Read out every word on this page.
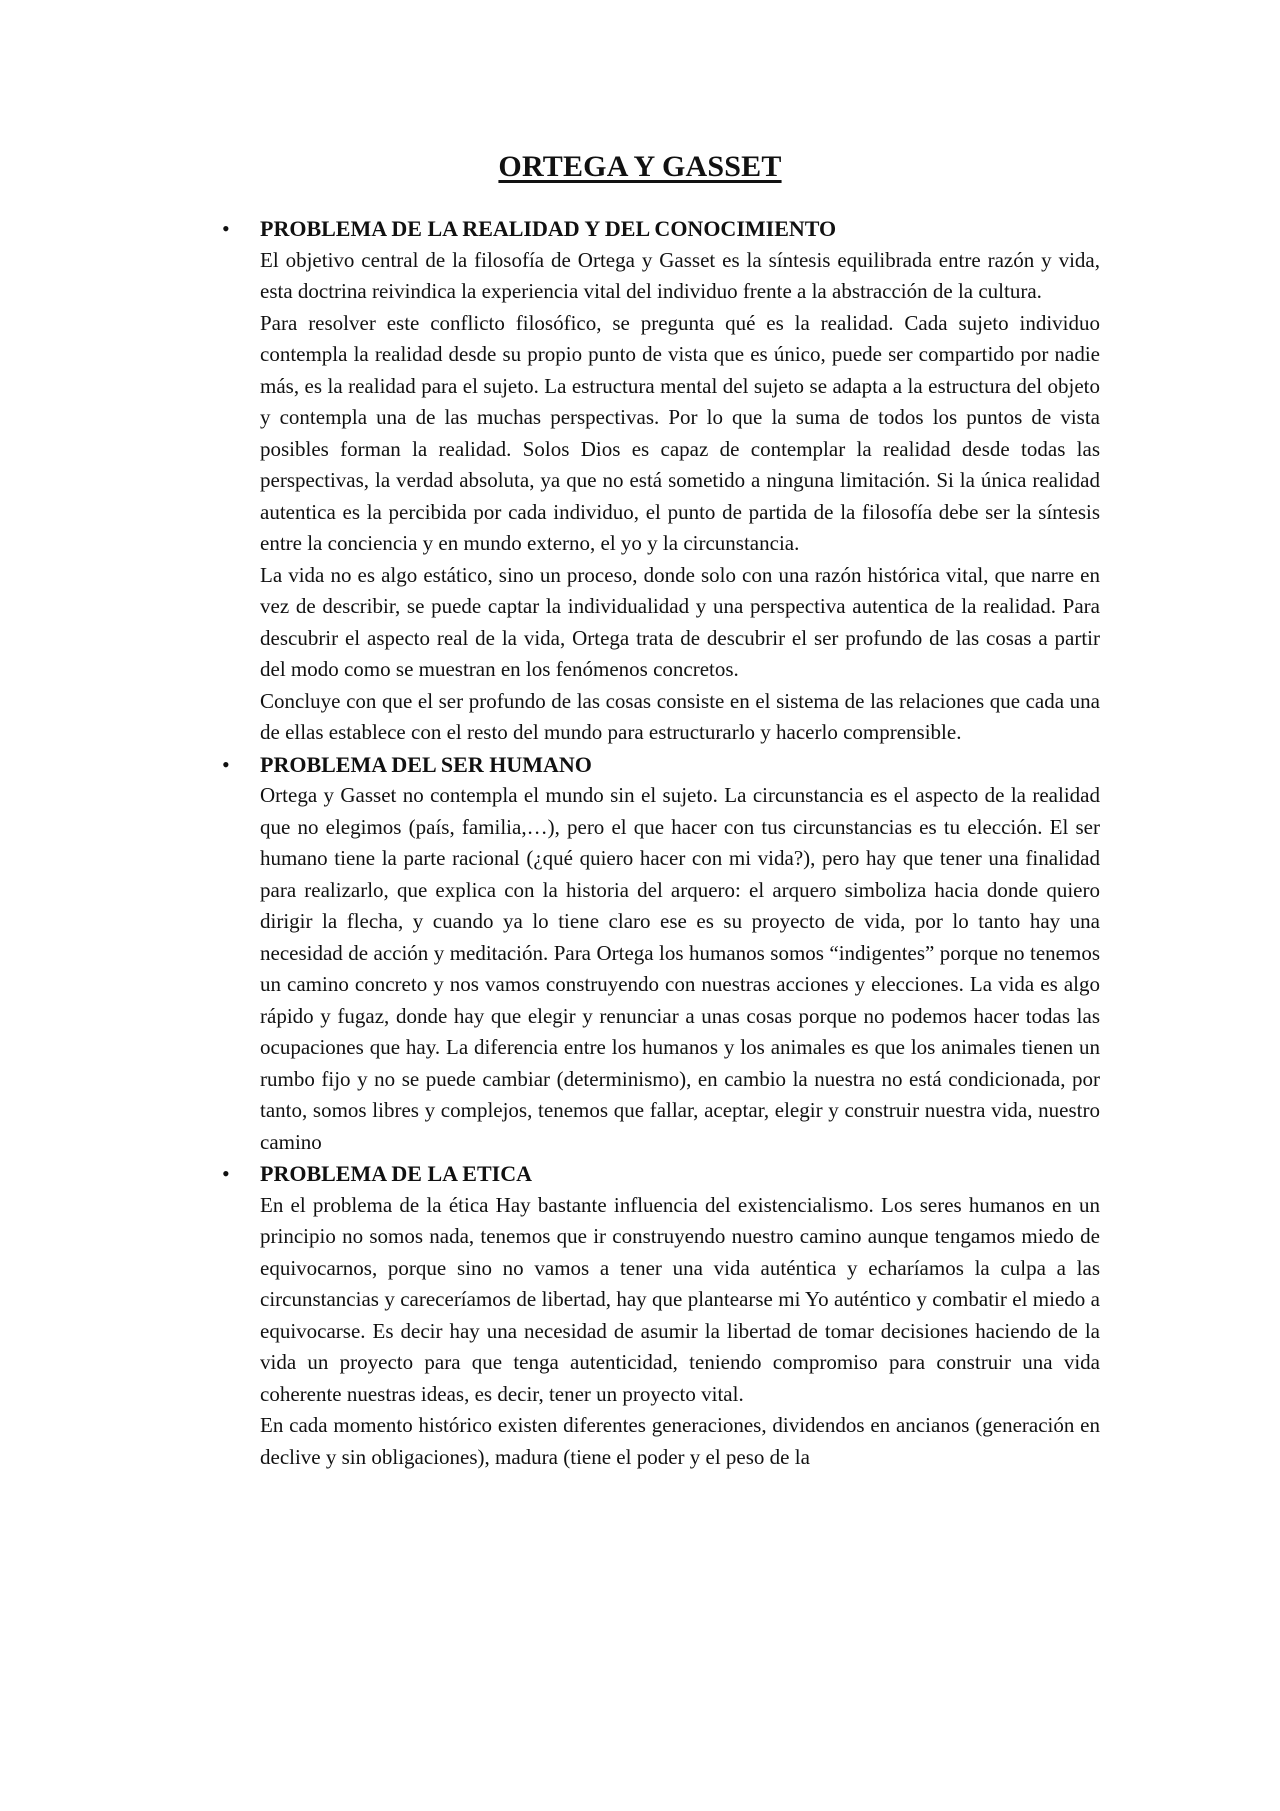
ORTEGA Y GASSET
• PROBLEMA DE LA REALIDAD Y DEL CONOCIMIENTO

El objetivo central de la filosofía de Ortega y Gasset es la síntesis equilibrada entre razón y vida, esta doctrina reivindica la experiencia vital del individuo frente a la abstracción de la cultura.

Para resolver este conflicto filosófico, se pregunta qué es la realidad. Cada sujeto individuo contempla la realidad desde su propio punto de vista que es único, puede ser compartido por nadie más, es la realidad para el sujeto. La estructura mental del sujeto se adapta a la estructura del objeto y contempla una de las muchas perspectivas. Por lo que la suma de todos los puntos de vista posibles forman la realidad. Solos Dios es capaz de contemplar la realidad desde todas las perspectivas, la verdad absoluta, ya que no está sometido a ninguna limitación. Si la única realidad autentica es la percibida por cada individuo, el punto de partida de la filosofía debe ser la síntesis entre la conciencia y en mundo externo, el yo y la circunstancia.

La vida no es algo estático, sino un proceso, donde solo con una razón histórica vital, que narre en vez de describir, se puede captar la individualidad y una perspectiva autentica de la realidad. Para descubrir el aspecto real de la vida, Ortega trata de descubrir el ser profundo de las cosas a partir del modo como se muestran en los fenómenos concretos.

Concluye con que el ser profundo de las cosas consiste en el sistema de las relaciones que cada una de ellas establece con el resto del mundo para estructurarlo y hacerlo comprensible.

• PROBLEMA DEL SER HUMANO

Ortega y Gasset no contempla el mundo sin el sujeto. La circunstancia es el aspecto de la realidad que no elegimos (país, familia,…), pero el que hacer con tus circunstancias es tu elección. El ser humano tiene la parte racional (¿qué quiero hacer con mi vida?), pero hay que tener una finalidad para realizarlo, que explica con la historia del arquero: el arquero simboliza hacia donde quiero dirigir la flecha, y cuando ya lo tiene claro ese es su proyecto de vida, por lo tanto hay una necesidad de acción y meditación. Para Ortega los humanos somos “indigentes” porque no tenemos un camino concreto y nos vamos construyendo con nuestras acciones y elecciones. La vida es algo rápido y fugaz, donde hay que elegir y renunciar a unas cosas porque no podemos hacer todas las ocupaciones que hay. La diferencia entre los humanos y los animales es que los animales tienen un rumbo fijo y no se puede cambiar (determinismo), en cambio la nuestra no está condicionada, por tanto, somos libres y complejos, tenemos que fallar, aceptar, elegir y construir nuestra vida, nuestro camino

• PROBLEMA DE LA ETICA

En el problema de la ética Hay bastante influencia del existencialismo. Los seres humanos en un principio no somos nada, tenemos que ir construyendo nuestro camino aunque tengamos miedo de equivocarnos, porque sino no vamos a tener una vida auténtica y echaríamos la culpa a las circunstancias y careceríamos de libertad, hay que plantearse mi Yo auténtico y combatir el miedo a equivocarse. Es decir hay una necesidad de asumir la libertad de tomar decisiones haciendo de la vida un proyecto para que tenga autenticidad, teniendo compromiso para construir una vida coherente nuestras ideas, es decir, tener un proyecto vital.

En cada momento histórico existen diferentes generaciones, dividendos en ancianos (generación en declive y sin obligaciones), madura (tiene el poder y el peso de la
